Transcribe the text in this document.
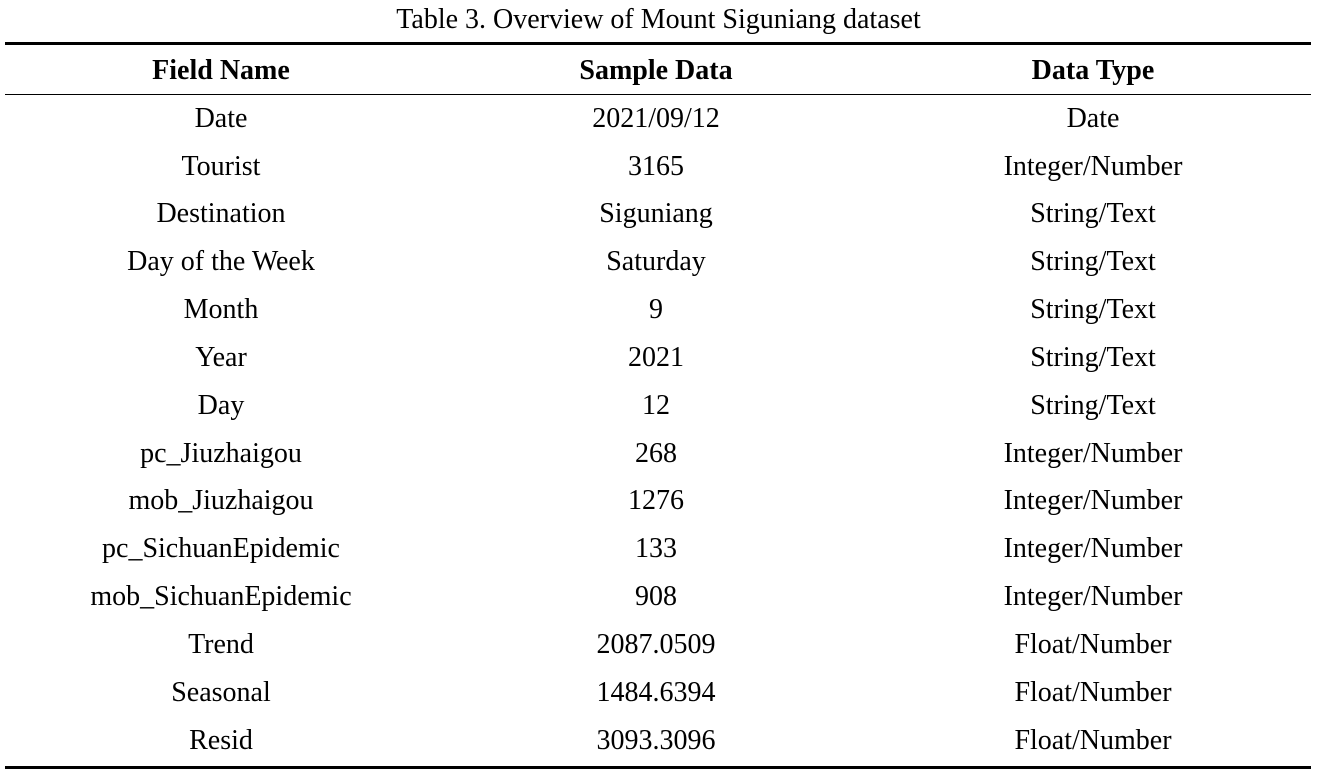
Table 3. Overview of Mount Siguniang dataset
Field Name	Sample Data	Data Type
Date	2021/09/12	Date
Tourist	3165	Integer/Number
Destination	Siguniang	String/Text
Day of the Week	Saturday	String/Text
Month	9	String/Text
Year	2021	String/Text
Day	12	String/Text
pc_Jiuzhaigou	268	Integer/Number
mob_Jiuzhaigou	1276	Integer/Number
pc_SichuanEpidemic	133	Integer/Number
mob_SichuanEpidemic	908	Integer/Number
Trend	2087.0509	Float/Number
Seasonal	1484.6394	Float/Number
Resid	3093.3096	Float/Number
